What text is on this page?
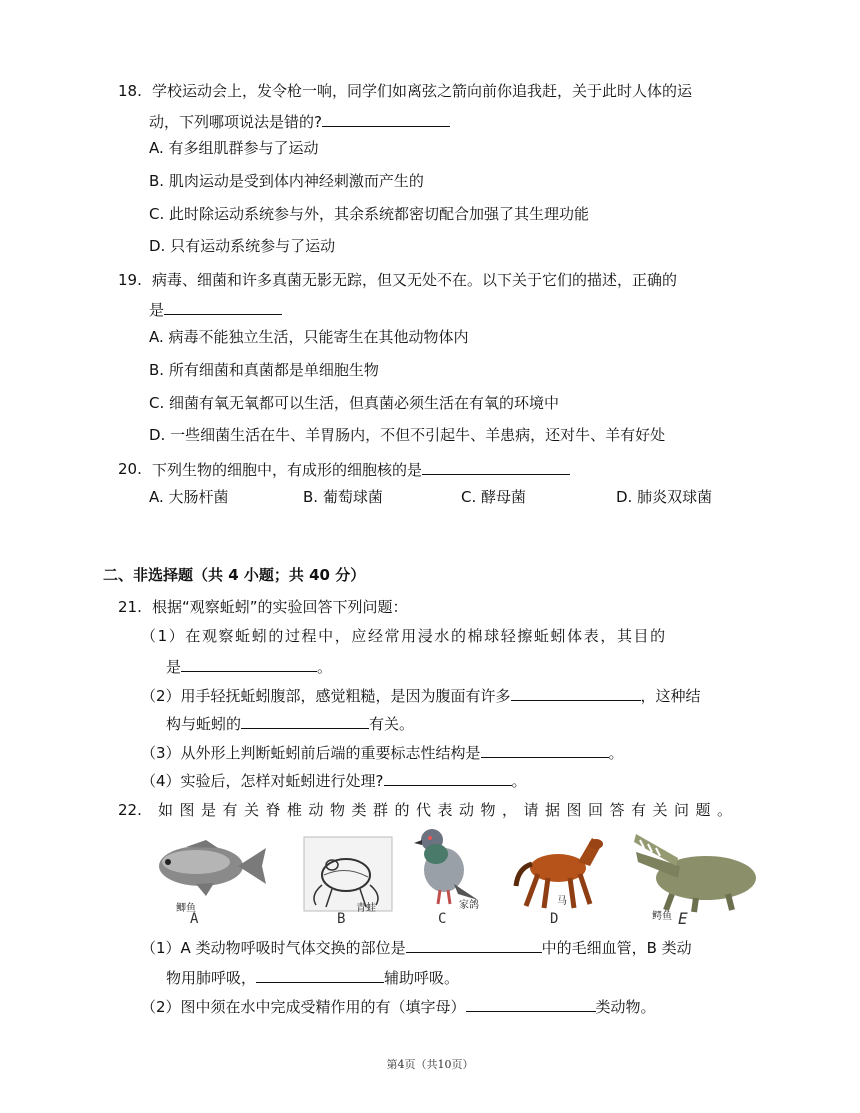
18. 学校运动会上，发令枪一响，同学们如离弦之箭向前你追我赶，关于此时人体的运
动，下列哪项说法是错的?
A. 有多组肌群参与了运动
B. 肌肉运动是受到体内神经刺激而产生的
C. 此时除运动系统参与外，其余系统都密切配合加强了其生理功能
D. 只有运动系统参与了运动
19. 病毒、细菌和许多真菌无影无踪，但又无处不在。以下关于它们的描述，正确的
是
A. 病毒不能独立生活，只能寄生在其他动物体内
B. 所有细菌和真菌都是单细胞生物
C. 细菌有氧无氧都可以生活，但真菌必须生活在有氧的环境中
D. 一些细菌生活在牛、羊胃肠内，不但不引起牛、羊患病，还对牛、羊有好处
20. 下列生物的细胞中，有成形的细胞核的是
A. 大肠杆菌	B. 葡萄球菌	C. 酵母菌	D. 肺炎双球菌
二、非选择题（共 4 小题；共 40 分）
21. 根据“观察蚯蚓”的实验回答下列问题：
（1）在观察蚯蚓的过程中，应经常用浸水的棉球轻擦蚯蚓体表，其目的
是	。
（2）用手轻抚蚯蚓腹部，感觉粗糙，是因为腹面有许多	，这种结
构与蚯蚓的	有关。
（3）从外形上判断蚯蚓前后端的重要标志性结构是	。
（4）实验后，怎样对蚯蚓进行处理?	。
22. 如图是有关脊椎动物类群的代表动物，请据图回答有关问题。
鲫鱼
A
青蛙
B
家鸽
C
马
D	鳄鱼 E
（1）A 类动物呼吸时气体交换的部位是	中的毛细血管，B 类动
物用肺呼吸，	辅助呼吸。
（2）图中须在水中完成受精作用的有（填字母）	类动物。
第4页（共10页）
